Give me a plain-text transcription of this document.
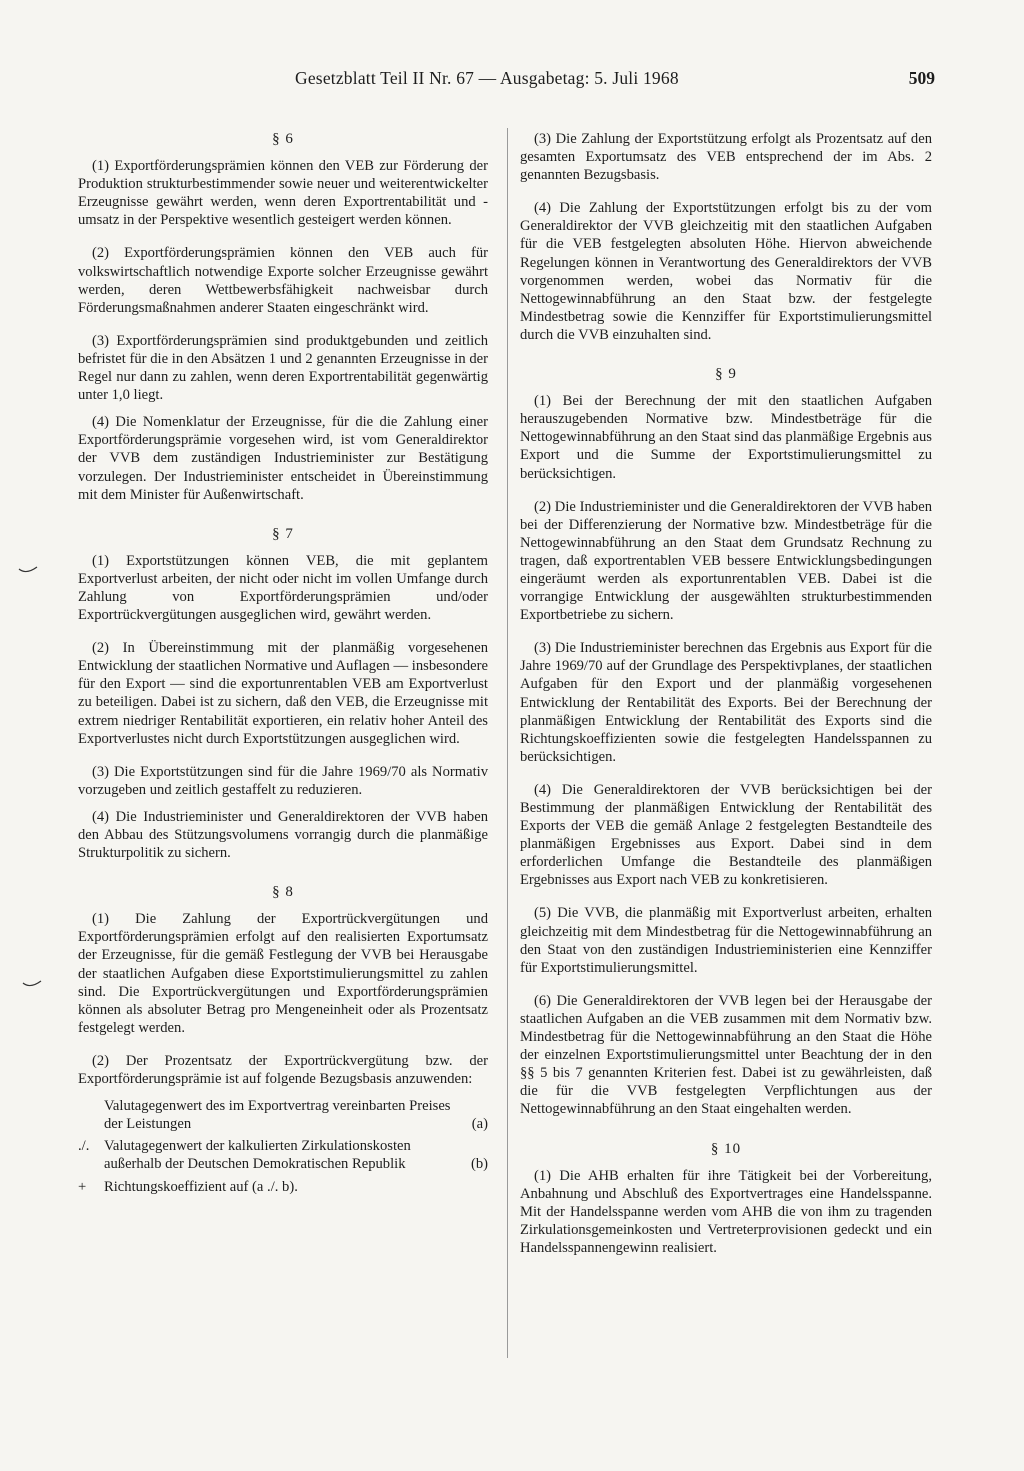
Gesetzblatt Teil II Nr. 67 — Ausgabetag: 5. Juli 1968	509
§ 6

(1) Exportförderungsprämien können den VEB zur Förderung der Produktion strukturbestimmender sowie neuer und weiterentwickelter Erzeugnisse gewährt werden, wenn deren Exportrentabilität und -umsatz in der Perspektive wesentlich gesteigert werden können.

(2) Exportförderungsprämien können den VEB auch für volkswirtschaftlich notwendige Exporte solcher Erzeugnisse gewährt werden, deren Wettbewerbsfähigkeit nachweisbar durch Förderungsmaßnahmen anderer Staaten eingeschränkt wird.

(3) Exportförderungsprämien sind produktgebunden und zeitlich befristet für die in den Absätzen 1 und 2 genannten Erzeugnisse in der Regel nur dann zu zahlen, wenn deren Exportrentabilität gegenwärtig unter 1,0 liegt.

(4) Die Nomenklatur der Erzeugnisse, für die die Zahlung einer Exportförderungsprämie vorgesehen wird, ist vom Generaldirektor der VVB dem zuständigen Industrieminister zur Bestätigung vorzulegen. Der Industrieminister entscheidet in Übereinstimmung mit dem Minister für Außenwirtschaft.

§ 7

(1) Exportstützungen können VEB, die mit geplantem Exportverlust arbeiten, der nicht oder nicht im vollen Umfange durch Zahlung von Exportförderungsprämien und/oder Exportrückvergütungen ausgeglichen wird, gewährt werden.

(2) In Übereinstimmung mit der planmäßig vorgesehenen Entwicklung der staatlichen Normative und Auflagen — insbesondere für den Export — sind die exportunrentablen VEB am Exportverlust zu beteiligen. Dabei ist zu sichern, daß den VEB, die Erzeugnisse mit extrem niedriger Rentabilität exportieren, ein relativ hoher Anteil des Exportverlustes nicht durch Exportstützungen ausgeglichen wird.

(3) Die Exportstützungen sind für die Jahre 1969/70 als Normativ vorzugeben und zeitlich gestaffelt zu reduzieren.

(4) Die Industrieminister und Generaldirektoren der VVB haben den Abbau des Stützungsvolumens vorrangig durch die planmäßige Strukturpolitik zu sichern.

§ 8

(1) Die Zahlung der Exportrückvergütungen und Exportförderungsprämien erfolgt auf den realisierten Exportumsatz der Erzeugnisse, für die gemäß Festlegung der VVB bei Herausgabe der staatlichen Aufgaben diese Exportstimulierungsmittel zu zahlen sind. Die Exportrückvergütungen und Exportförderungsprämien können als absoluter Betrag pro Mengeneinheit oder als Prozentsatz festgelegt werden.

(2) Der Prozentsatz der Exportrückvergütung bzw. der Exportförderungsprämie ist auf folgende Bezugsbasis anzuwenden:

Valutagegenwert des im Exportvertrag vereinbarten Preises der Leistungen	(a)
./.	Valutagegenwert der kalkulierten Zirkulationskosten außerhalb der Deutschen Demokratischen Republik	(b)
+	Richtungskoeffizient auf (a ./. b).

(3) Die Zahlung der Exportstützung erfolgt als Prozentsatz auf den gesamten Exportumsatz des VEB entsprechend der im Abs. 2 genannten Bezugsbasis.

(4) Die Zahlung der Exportstützungen erfolgt bis zu der vom Generaldirektor der VVB gleichzeitig mit den staatlichen Aufgaben für die VEB festgelegten absoluten Höhe. Hiervon abweichende Regelungen können in Verantwortung des Generaldirektors der VVB vorgenommen werden, wobei das Normativ für die Nettogewinnabführung an den Staat bzw. der festgelegte Mindestbetrag sowie die Kennziffer für Exportstimulierungsmittel durch die VVB einzuhalten sind.

§ 9

(1) Bei der Berechnung der mit den staatlichen Aufgaben herauszugebenden Normative bzw. Mindestbeträge für die Nettogewinnabführung an den Staat sind das planmäßige Ergebnis aus Export und die Summe der Exportstimulierungsmittel zu berücksichtigen.

(2) Die Industrieminister und die Generaldirektoren der VVB haben bei der Differenzierung der Normative bzw. Mindestbeträge für die Nettogewinnabführung an den Staat dem Grundsatz Rechnung zu tragen, daß exportrentablen VEB bessere Entwicklungsbedingungen eingeräumt werden als exportunrentablen VEB. Dabei ist die vorrangige Entwicklung der ausgewählten strukturbestimmenden Exportbetriebe zu sichern.

(3) Die Industrieminister berechnen das Ergebnis aus Export für die Jahre 1969/70 auf der Grundlage des Perspektivplanes, der staatlichen Aufgaben für den Export und der planmäßig vorgesehenen Entwicklung der Rentabilität des Exports. Bei der Berechnung der planmäßigen Entwicklung der Rentabilität des Exports sind die Richtungskoeffizienten sowie die festgelegten Handelsspannen zu berücksichtigen.

(4) Die Generaldirektoren der VVB berücksichtigen bei der Bestimmung der planmäßigen Entwicklung der Rentabilität des Exports der VEB die gemäß Anlage 2 festgelegten Bestandteile des planmäßigen Ergebnisses aus Export. Dabei sind in dem erforderlichen Umfange die Bestandteile des planmäßigen Ergebnisses aus Export nach VEB zu konkretisieren.

(5) Die VVB, die planmäßig mit Exportverlust arbeiten, erhalten gleichzeitig mit dem Mindestbetrag für die Nettogewinnabführung an den Staat von den zuständigen Industrieministerien eine Kennziffer für Exportstimulierungsmittel.

(6) Die Generaldirektoren der VVB legen bei der Herausgabe der staatlichen Aufgaben an die VEB zusammen mit dem Normativ bzw. Mindestbetrag für die Nettogewinnabführung an den Staat die Höhe der einzelnen Exportstimulierungsmittel unter Beachtung der in den §§ 5 bis 7 genannten Kriterien fest. Dabei ist zu gewährleisten, daß die für die VVB festgelegten Verpflichtungen aus der Nettogewinnabführung an den Staat eingehalten werden.

§ 10

(1) Die AHB erhalten für ihre Tätigkeit bei der Vorbereitung, Anbahnung und Abschluß des Exportvertrages eine Handelsspanne. Mit der Handelsspanne werden vom AHB die von ihm zu tragenden Zirkulationsgemeinkosten und Vertreterprovisionen gedeckt und ein Handelsspannengewinn realisiert.
